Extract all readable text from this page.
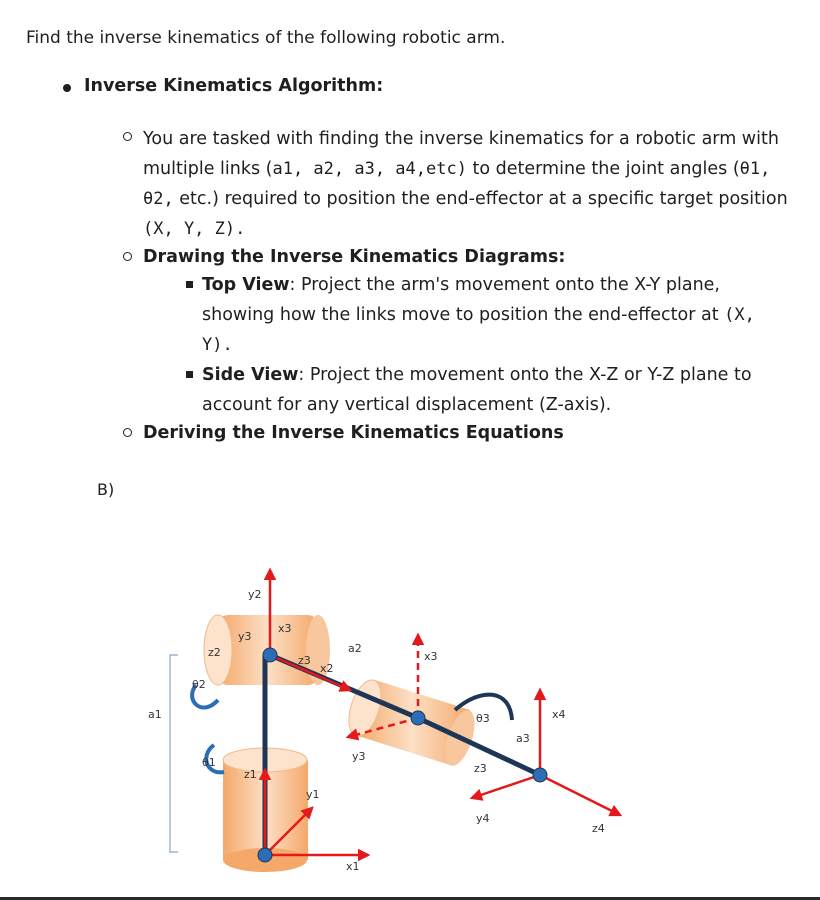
Find the inverse kinematics of the following robotic arm.

Inverse Kinematics Algorithm:

You are tasked with finding the inverse kinematics for a robotic arm with multiple links (a1, a2, a3, a4,etc) to determine the joint angles (θ1,
θ2, etc.) required to position the end-effector at a specific target position (X, Y, Z).

Drawing the Inverse Kinematics Diagrams:

Top View: Project the arm's movement onto the X-Y plane, showing how the links move to position the end-effector at (X, Y).

Side View: Project the movement onto the X-Z or Y-Z plane to account for any vertical displacement (Z-axis).

Deriving the Inverse Kinematics Equations

B)

y2
y3
x3
z2
z3
x2
a2
x3
θ2
a1
θ1
z1
y1
x1
y3
θ3
a3
x4
z3
y4
z4
